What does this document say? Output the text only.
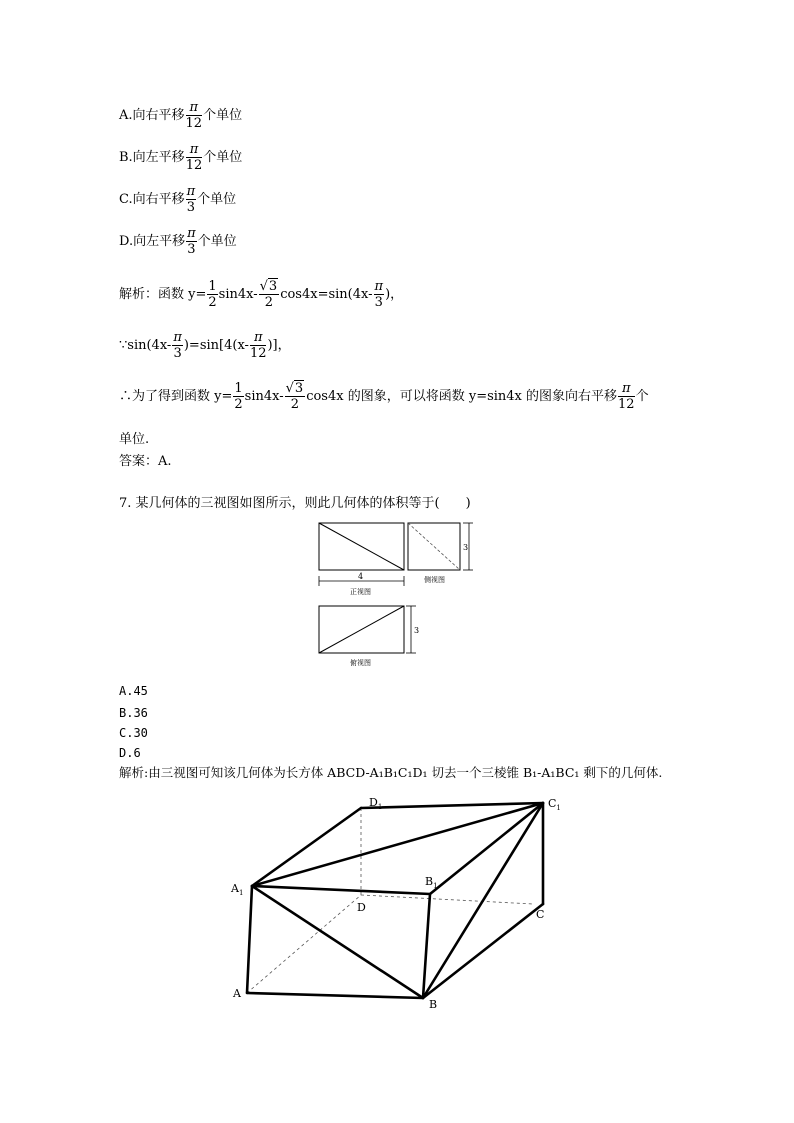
A.向右平移 $\frac{\pi}{12}$ 个单位
B.向左平移 $\frac{\pi}{12}$ 个单位
C.向右平移 $\frac{\pi}{3}$ 个单位
D.向左平移 $\frac{\pi}{3}$ 个单位
解析：函数 $y= \frac{1}{2} \sin 4x- \frac{√3}{2} \cos 4x=\sin(4x- \frac{\pi}{3}$ )，
∵sin(4x- $\frac{\pi}{3} )=\sin[4(x- \frac{\pi}{12}$ )]，
∴为了得到函数 $y= \frac{1}{2} \sin 4x- \frac{√3}{2} \cos 4x$ 的图象，可以将函数 y=sin4x 的图象向右平移 $\frac{\pi}{12}$ 个
单位.
答案：A.
7. 某几何体的三视图如图所示，则此几何体的体积等于(　　)
4
正视图
3
侧视图
3
俯视图
A.45
B.36
C.30
D.6
解析:由三视图可知该几何体为长方体 ABCD-A₁B₁C₁D₁ 切去一个三棱锥 B₁-A₁BC₁ 剩下的几何体.
$D_1$	$C_1$
$A_1$
$B_1$
D
C
A
B
